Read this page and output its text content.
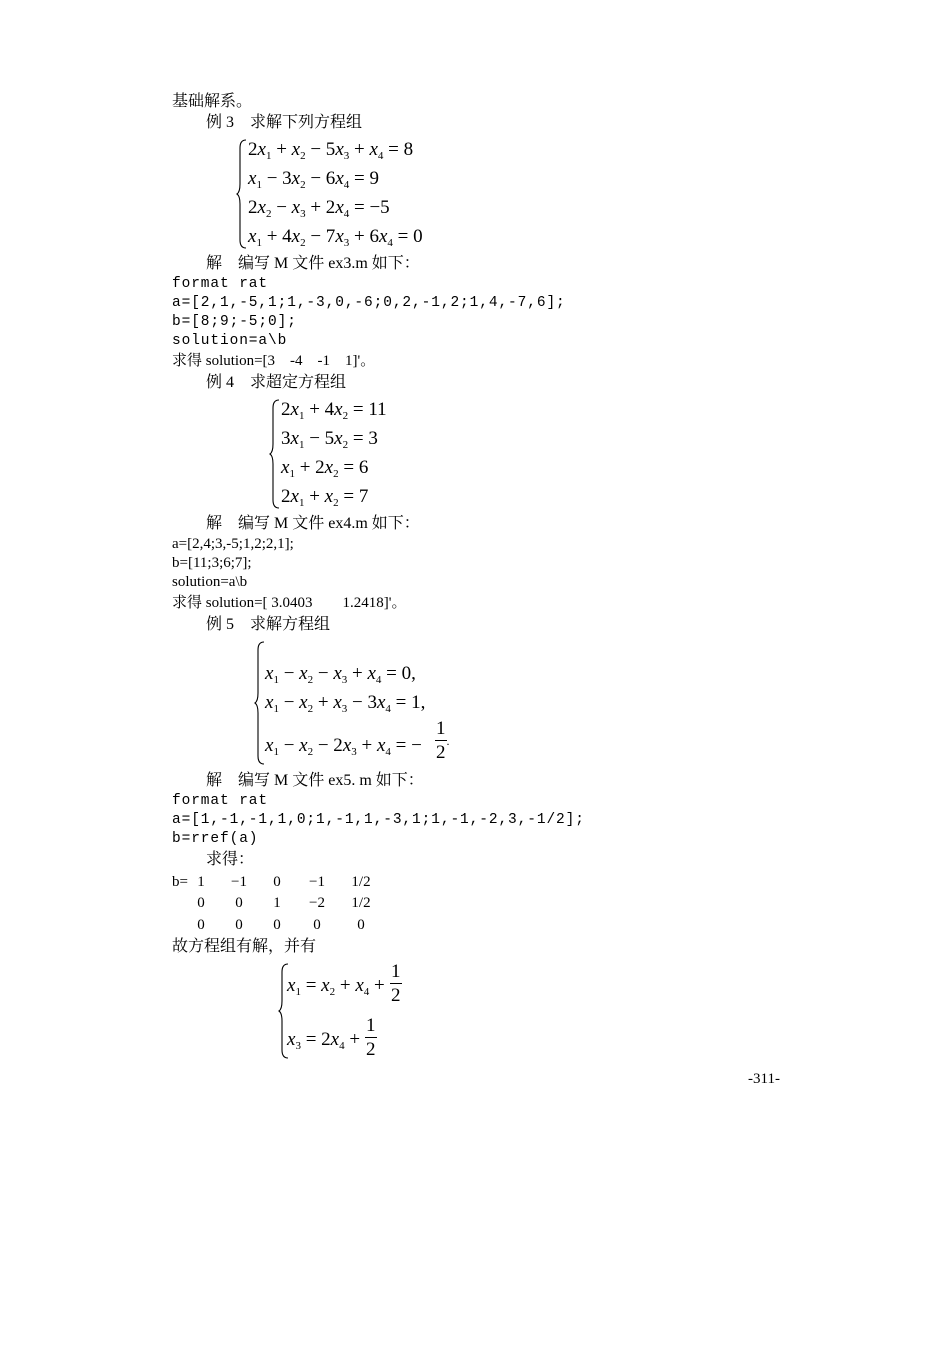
基础解系。
例 3　求解下列方程组
$2x_1 + x_2 - 5x_3 + x_4 = 8$
$x_1 - 3x_2 - 6x_4 = 9$
$2x_2 - x_3 + 2x_4 = -5$
$x_1 + 4x_2 - 7x_3 + 6x_4 = 0$
解　编写 M 文件 ex3.m 如下：
format rat
a=[2,1,-5,1;1,-3,0,-6;0,2,-1,2;1,4,-7,6];
b=[8;9;-5;0];
solution=a\b
求得 solution=[3　-4　-1　1]'。
例 4　求超定方程组
$2x_1 + 4x_2 = 11$
$3x_1 - 5x_2 = 3$
$x_1 + 2x_2 = 6$
$2x_1 + x_2 = 7$
解　编写 M 文件 ex4.m 如下：
a=[2,4;3,-5;1,2;2,1];
b=[11;3;6;7];
solution=a\b
求得 solution=[ 3.0403　　1.2418]'。
例 5　求解方程组
$x_1 - x_2 - x_3 + x_4 = 0$,
$x_1 - x_2 + x_3 - 3x_4 = 1$,
$x_1 - x_2 - 2x_3 + x_4$ = − $\frac{1}{2}$ .
解　编写 M 文件 ex5. m 如下：
format rat
a=[1,-1,-1,1,0;1,-1,1,-3,1;1,-1,-2,3,-1/2];
b=rref(a)
求得：
b= 1	−1	0	−1	1/2
0	0	1	−2	1/2
0	0	0	0	0
故方程组有解，并有
$x_1 = x_2 + x_4 + \frac{1}{2}$
$x_3 = 2x_4 + \frac{1}{2}$
-311-
